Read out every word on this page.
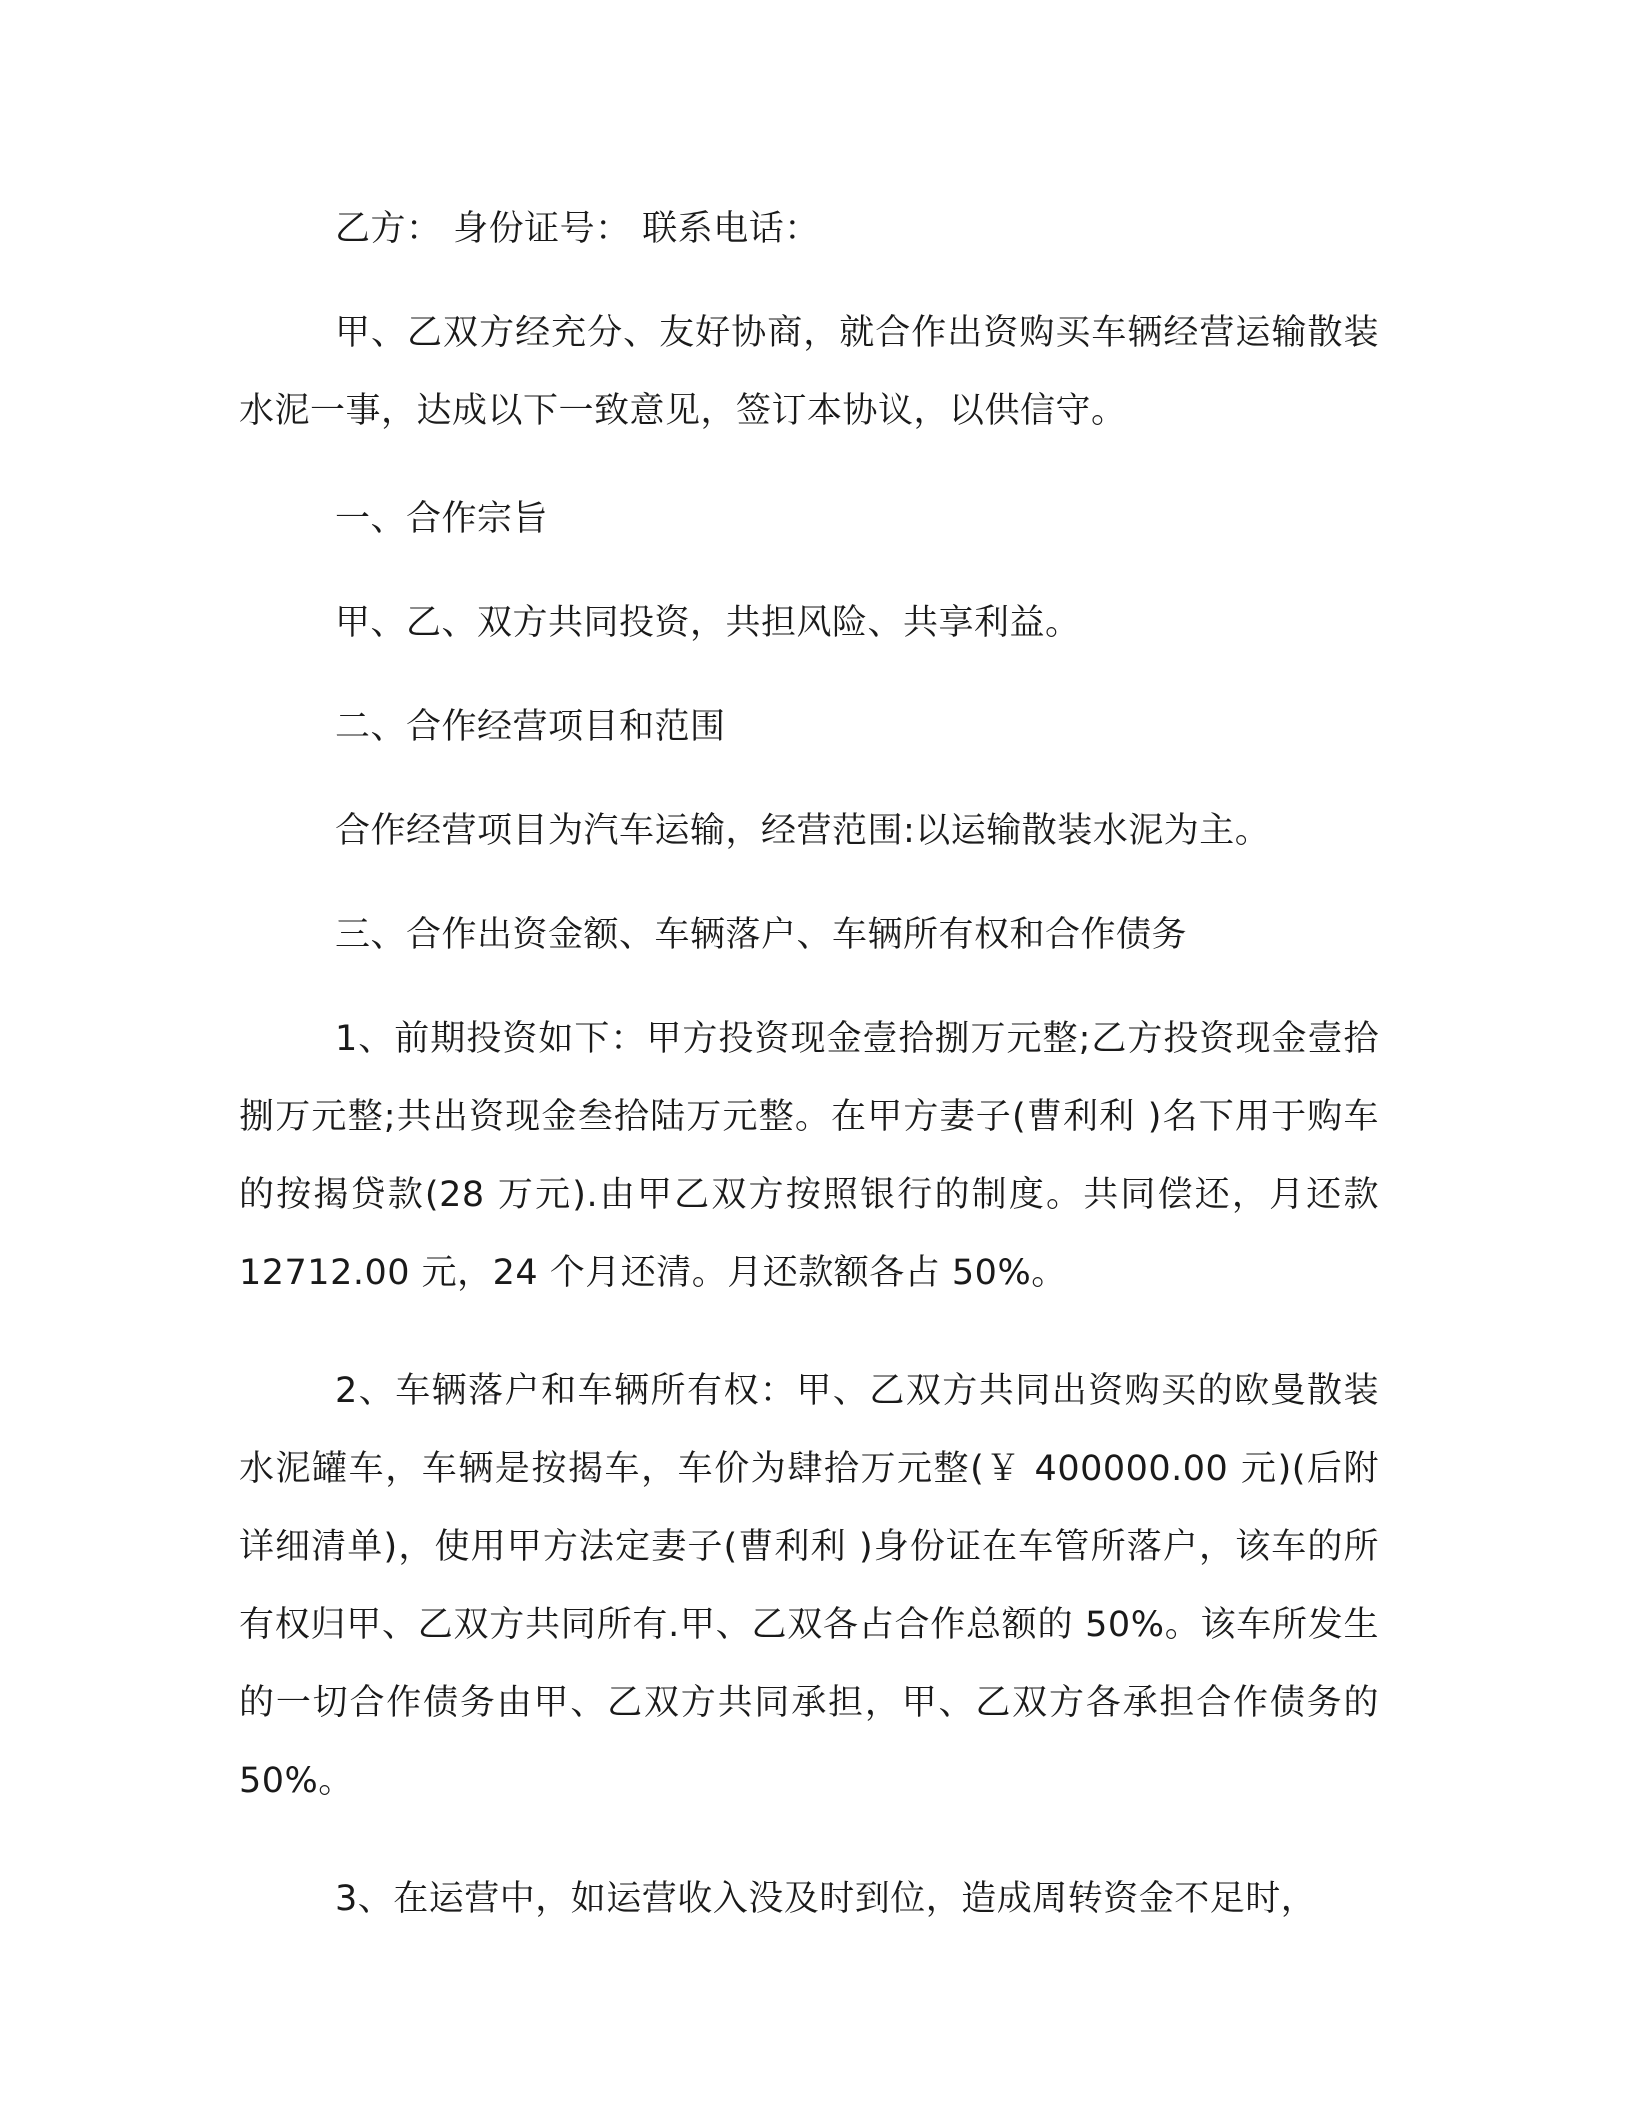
乙方： 身份证号： 联系电话：

甲、乙双方经充分、友好协商，就合作出资购买车辆经营运输散装水泥一事，达成以下一致意见，签订本协议，以供信守。

一、合作宗旨

甲、乙、双方共同投资，共担风险、共享利益。

二、合作经营项目和范围

合作经营项目为汽车运输，经营范围:以运输散装水泥为主。

三、合作出资金额、车辆落户、车辆所有权和合作债务

1、前期投资如下：甲方投资现金壹拾捌万元整;乙方投资现金壹拾捌万元整;共出资现金叁拾陆万元整。在甲方妻子(曹利利 )名下用于购车的按揭贷款(28 万元).由甲乙双方按照银行的制度。共同偿还，月还款 12712.00 元，24 个月还清。月还款额各占 50%。

2、车辆落户和车辆所有权：甲、乙双方共同出资购买的欧曼散装水泥罐车，车辆是按揭车，车价为肆拾万元整(￥ 400000.00 元)(后附详细清单)，使用甲方法定妻子(曹利利 )身份证在车管所落户，该车的所有权归甲、乙双方共同所有.甲、乙双各占合作总额的 50%。该车所发生的一切合作债务由甲、乙双方共同承担，甲、乙双方各承担合作债务的 50%。

3、在运营中，如运营收入没及时到位，造成周转资金不足时，
